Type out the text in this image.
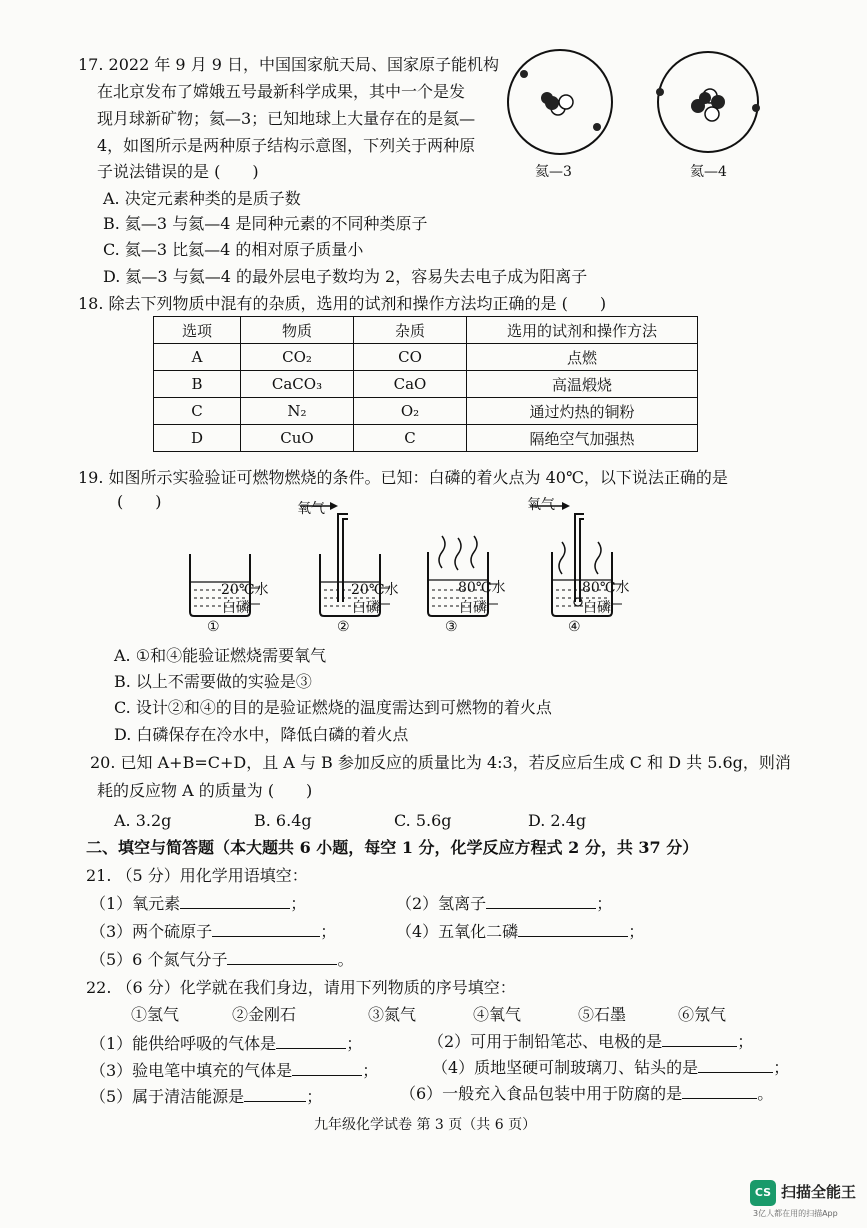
17. 2022 年 9 月 9 日，中国国家航天局、国家原子能机构
在北京发布了嫦娥五号最新科学成果，其中一个是发
现月球新矿物；氦—3；已知地球上大量存在的是氦—
4，如图所示是两种原子结构示意图，下列关于两种原
子说法错误的是 (　　)
A. 决定元素种类的是质子数
B. 氦—3 与氦—4 是同种元素的不同种类原子
C. 氦—3 比氦—4 的相对原子质量小
D. 氦—3 与氦—4 的最外层电子数均为 2，容易失去电子成为阳离子
氦—3	氦—4
18. 除去下列物质中混有的杂质，选用的试剂和操作方法均正确的是 (　　)
选项	物质	杂质	选用的试剂和操作方法
A	CO₂	CO	点燃
B	CaCO₃	CaO	高温煅烧
C	N₂	O₂	通过灼热的铜粉
D	CuO	C	隔绝空气加强热
19. 如图所示实验验证可燃物燃烧的条件。已知：白磷的着火点为 40℃，以下说法正确的是
(　　)	氧气	氧气
20℃水
白磷
20℃水
白磷
80℃水
白磷
80℃水
白磷
①	②	③	④
A. ①和④能验证燃烧需要氧气
B. 以上不需要做的实验是③
C. 设计②和④的目的是验证燃烧的温度需达到可燃物的着火点
D. 白磷保存在冷水中，降低白磷的着火点
20. 已知 A+B=C+D，且 A 与 B 参加反应的质量比为 4:3，若反应后生成 C 和 D 共 5.6g，则消
耗的反应物 A 的质量为 (　　)
A. 3.2g	B. 6.4g	C. 5.6g	D. 2.4g
二、填空与简答题（本大题共 6 小题，每空 1 分，化学反应方程式 2 分，共 37 分）
21. （5 分）用化学用语填空：
（1）氧元素	；	（2）氢离子	；
（3）两个硫原子	；	（4）五氧化二磷	；
（5）6 个氮气分子	。
22. （6 分）化学就在我们身边，请用下列物质的序号填空：
①氢气	②金刚石	③氮气	④氧气	⑤石墨	⑥氖气
（1）能供给呼吸的气体是	；	（2）可用于制铅笔芯、电极的是	；
（3）验电笔中填充的气体是	；	（4）质地坚硬可制玻璃刀、钻头的是	；
（5）属于清洁能源是	；	（6）一般充入食品包装中用于防腐的是	。
九年级化学试卷 第 3 页（共 6 页）
CS 扫描全能王
3亿人都在用的扫描App
